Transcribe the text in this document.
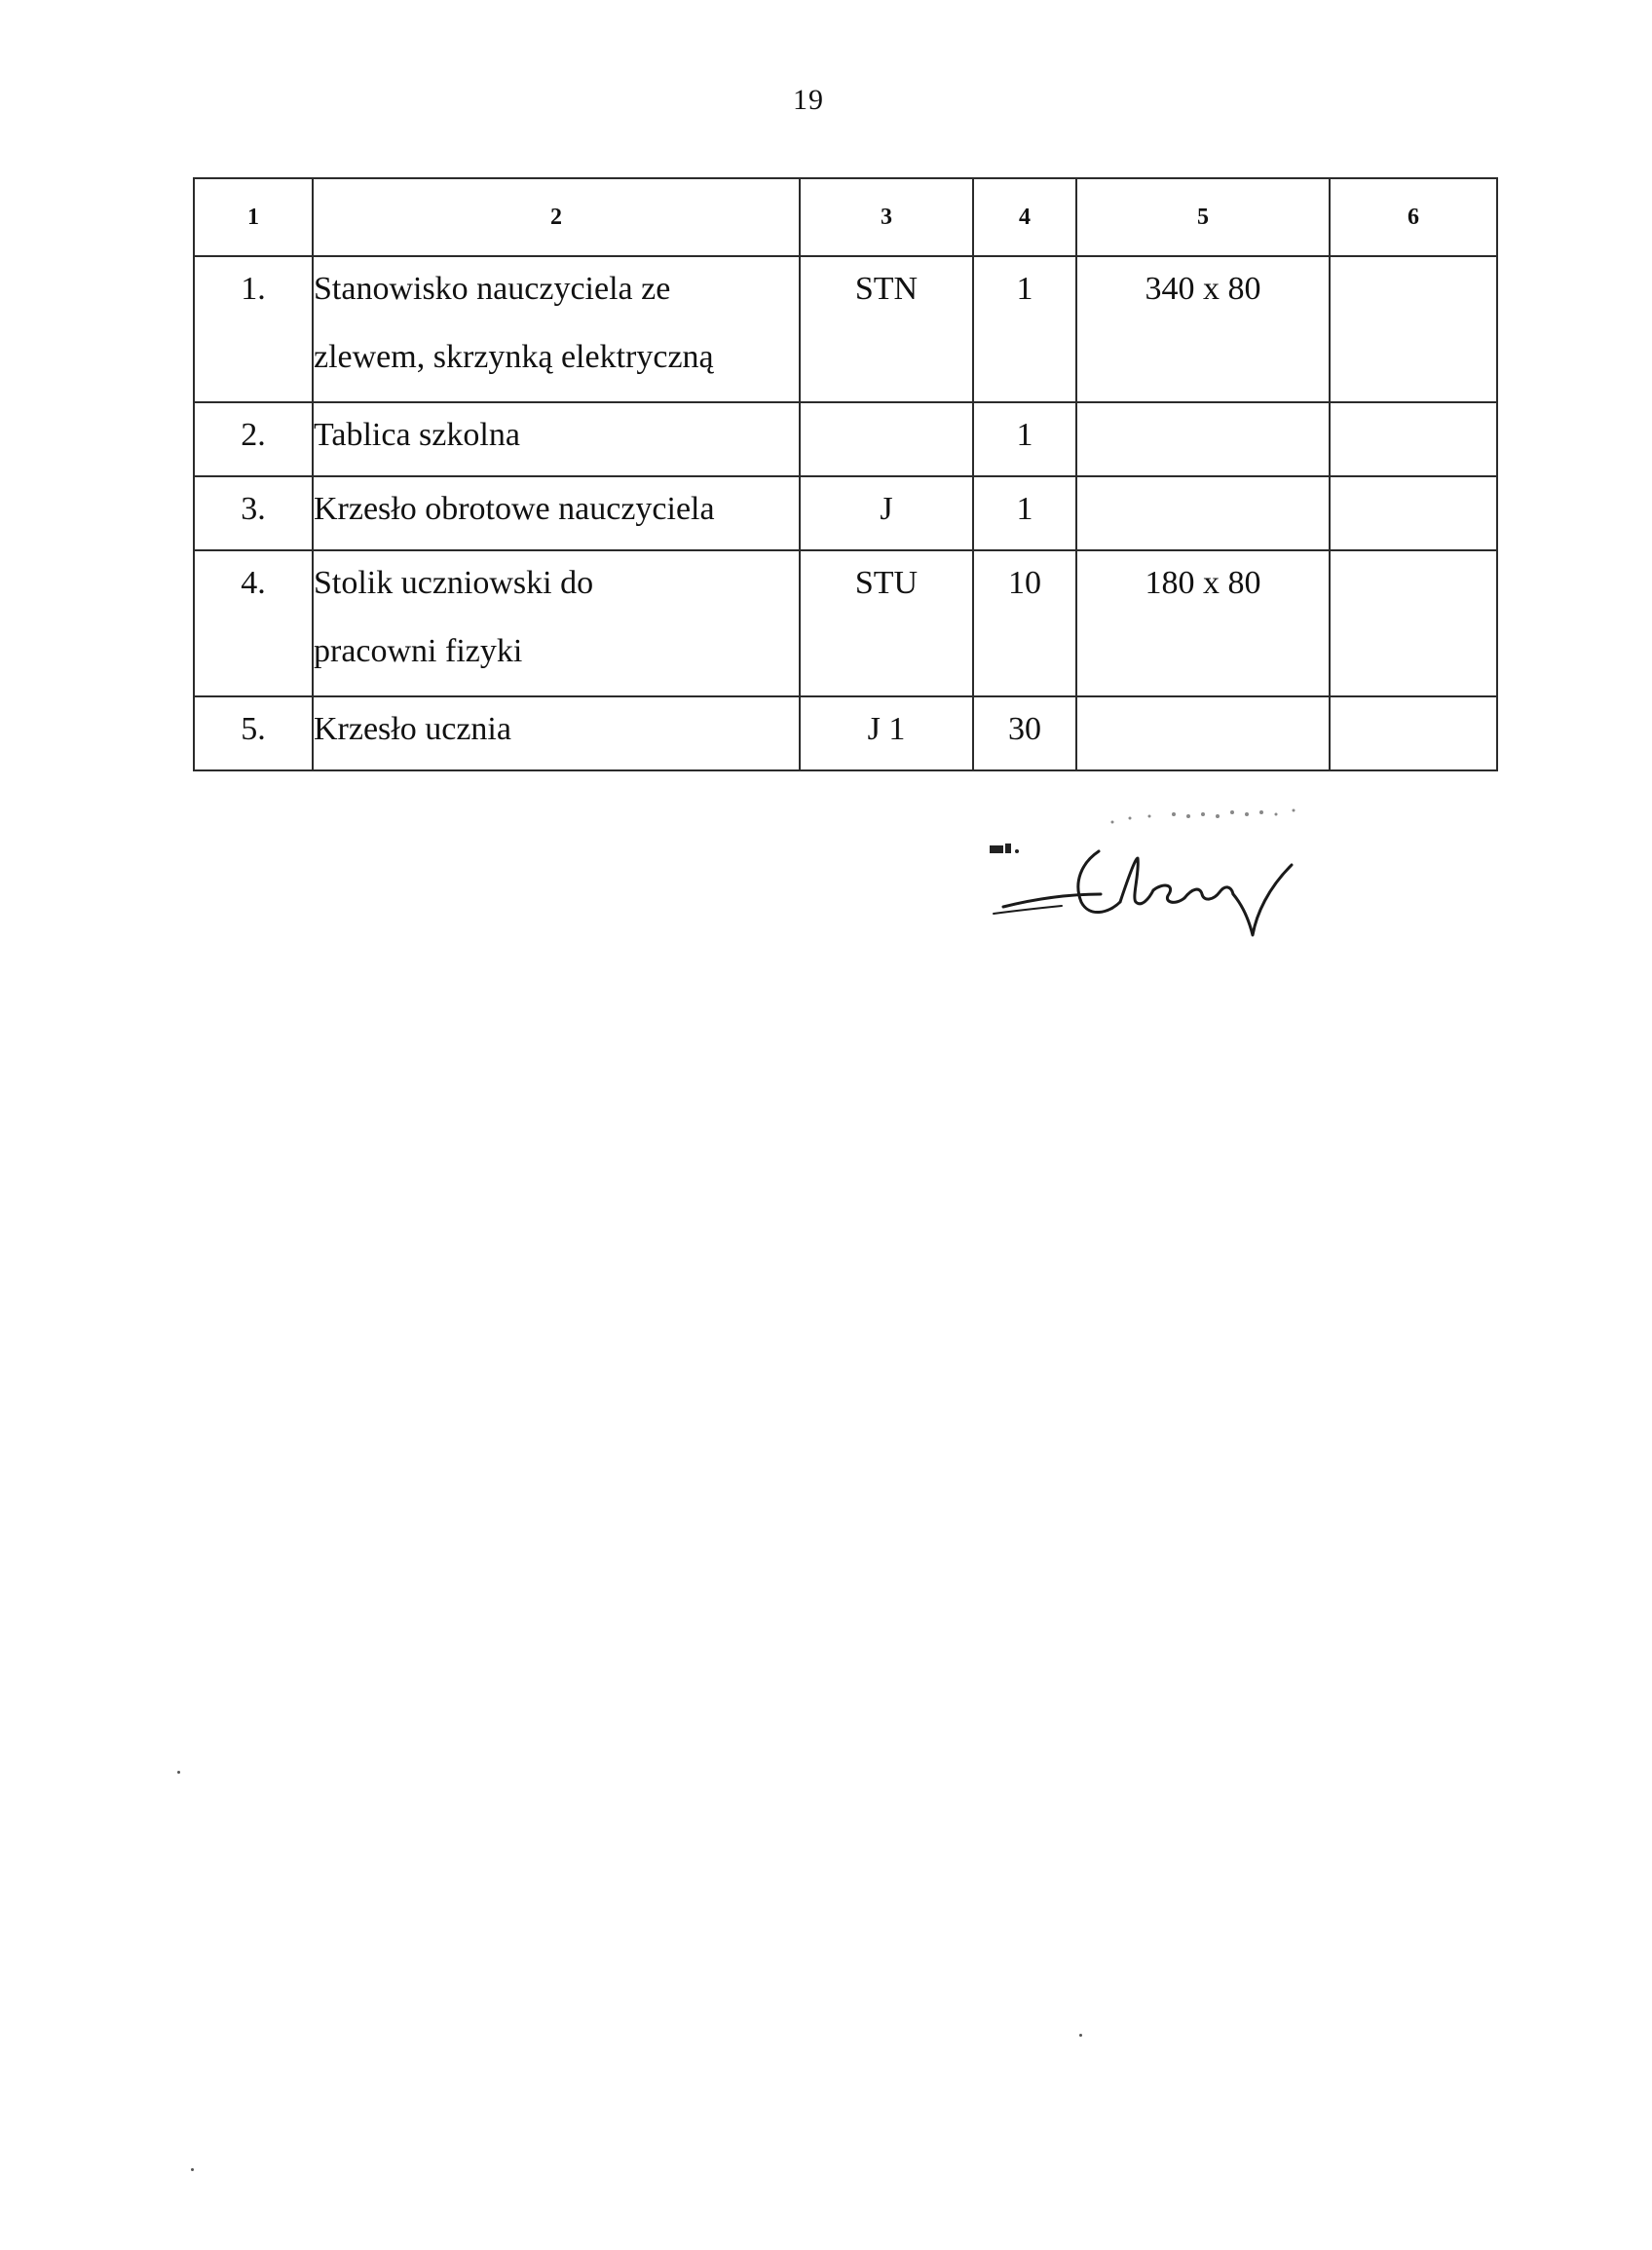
19
1	2	3	4	5	6

1.	Stanowisko nauczyciela ze
zlewem, skrzynką elektryczną	STN	1	340 x 80	

2.	Tablica szkolna		1		

3.	Krzesło obrotowe nauczyciela	J	1		

4.	Stolik uczniowski do
pracowni fizyki	STU	10	180 x 80	

5.	Krzesło ucznia	J 1	30		
